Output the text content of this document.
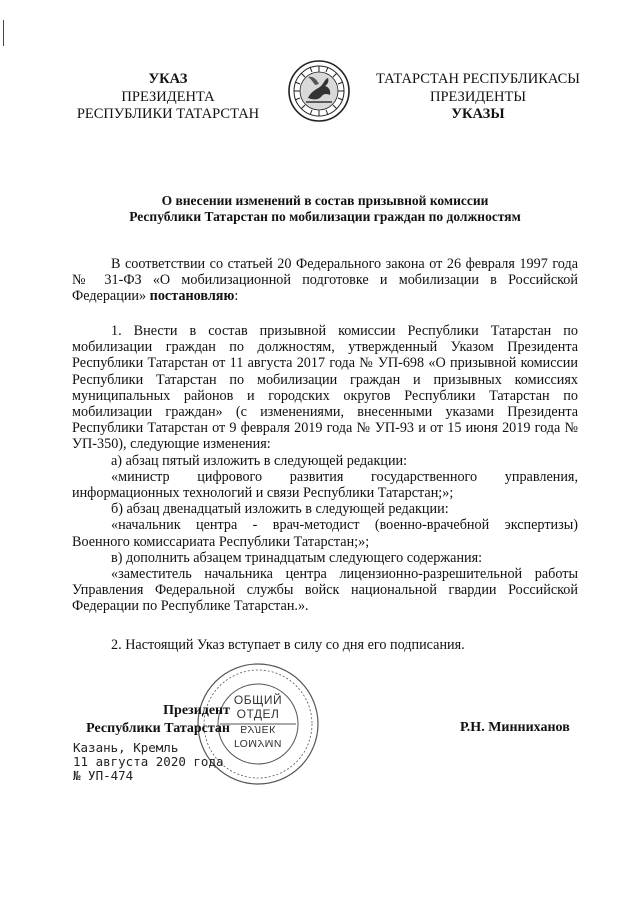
УКАЗ
ПРЕЗИДЕНТА
РЕСПУБЛИКИ ТАТАРСТАН
ТАТАРСТАН РЕСПУБЛИКАСЫ
ПРЕЗИДЕНТЫ
УКАЗЫ
О внесении изменений в состав призывной комиссии
Республики Татарстан по мобилизации граждан по должностям

В соответствии со статьей 20 Федерального закона от 26 февраля 1997 года № 31-ФЗ «О мобилизационной подготовке и мобилизации в Российской Федерации» постановляю:

1. Внести в состав призывной комиссии Республики Татарстан по мобилизации граждан по должностям, утвержденный Указом Президента Республики Татарстан от 11 августа 2017 года № УП-698 «О призывной комиссии Республики Татарстан по мобилизации граждан и призывных комиссиях муниципальных районов и городских округов Республики Татарстан по мобилизации граждан» (с изменениями, внесенными указами Президента Республики Татарстан от 9 февраля 2019 года № УП-93 и от 15 июня 2019 года № УП-350), следующие изменения:

а) абзац пятый изложить в следующей редакции:

«министр цифрового развития государственного управления, информационных технологий и связи Республики Татарстан;»;

б) абзац двенадцатый изложить в следующей редакции:

«начальник центра - врач-методист (военно-врачебной экспертизы) Военного комиссариата Республики Татарстан;»;

в) дополнить абзацем тринадцатым следующего содержания:

«заместитель начальника центра лицензионно-разрешительной работы Управления Федеральной службы войск национальной гвардии Российской Федерации по Республике Татарстан.».

2. Настоящий Указ вступает в силу со дня его подписания.

ОБЩИЙ
ОТДЕЛ
БУЛЕК
ГОМУМИ
Президент
Республики Татарстан	Р.Н. Минниханов
Казань, Кремль
11 августа 2020 года
№ УП-474
